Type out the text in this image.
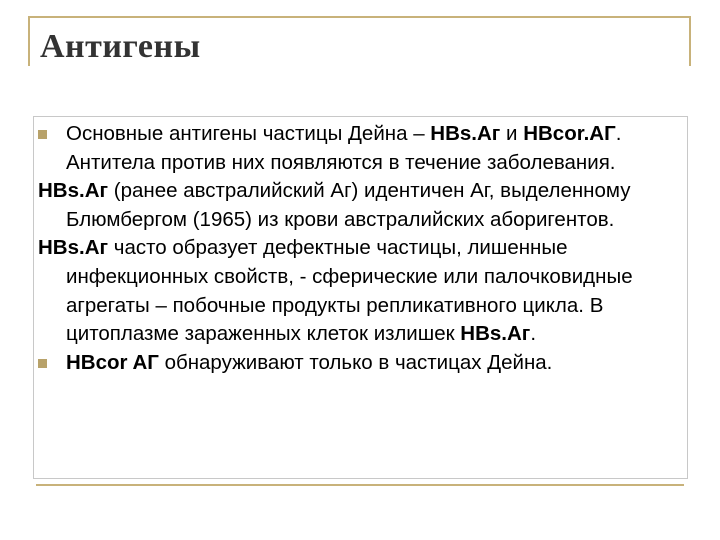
Антигены

Основные антигены частицы Дейна – HBs.Aг и HBcor.AГ. Антитела против них появляются в течение заболевания.

HBs.Aг (ранее австралийский Аг) идентичен Аг, выделенному Блюмбергом (1965) из крови австралийских аборигентов.

HBs.Aг часто образует дефектные частицы, лишенные инфекционных свойств, - сферические или палочковидные агрегаты – побочные продукты репликативного цикла. В цитоплазме зараженных клеток излишек HBs.Aг.

HBcor AГ обнаруживают только в частицах Дейна.
